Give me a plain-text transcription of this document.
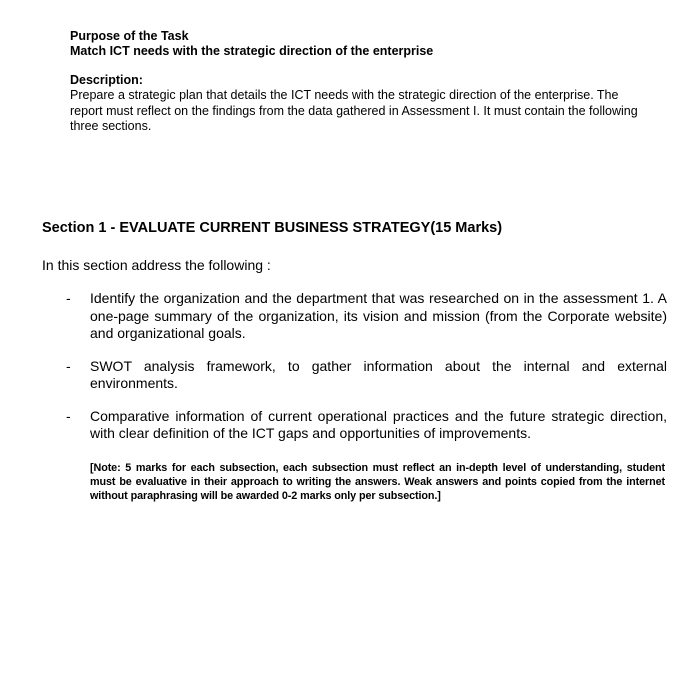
Purpose of the Task
Match ICT needs with the strategic direction of the enterprise
Description:
Prepare a strategic plan that details the ICT needs with the strategic direction of the enterprise. The report must reflect on the findings from the data gathered in Assessment I. It must contain the following three sections.
Section 1 - EVALUATE CURRENT BUSINESS STRATEGY(15 Marks)
In this section address the following :
- Identify the organization and the department that was researched on in the assessment 1. A one-page summary of the organization, its vision and mission (from the Corporate website) and organizational goals.
- SWOT analysis framework, to gather information about the internal and external environments.
- Comparative information of current operational practices and the future strategic direction, with clear definition of the ICT gaps and opportunities of improvements.
[Note: 5 marks for each subsection, each subsection must reflect an in-depth level of understanding, student must be evaluative in their approach to writing the answers. Weak answers and points copied from the internet without paraphrasing will be awarded 0-2 marks only per subsection.]
